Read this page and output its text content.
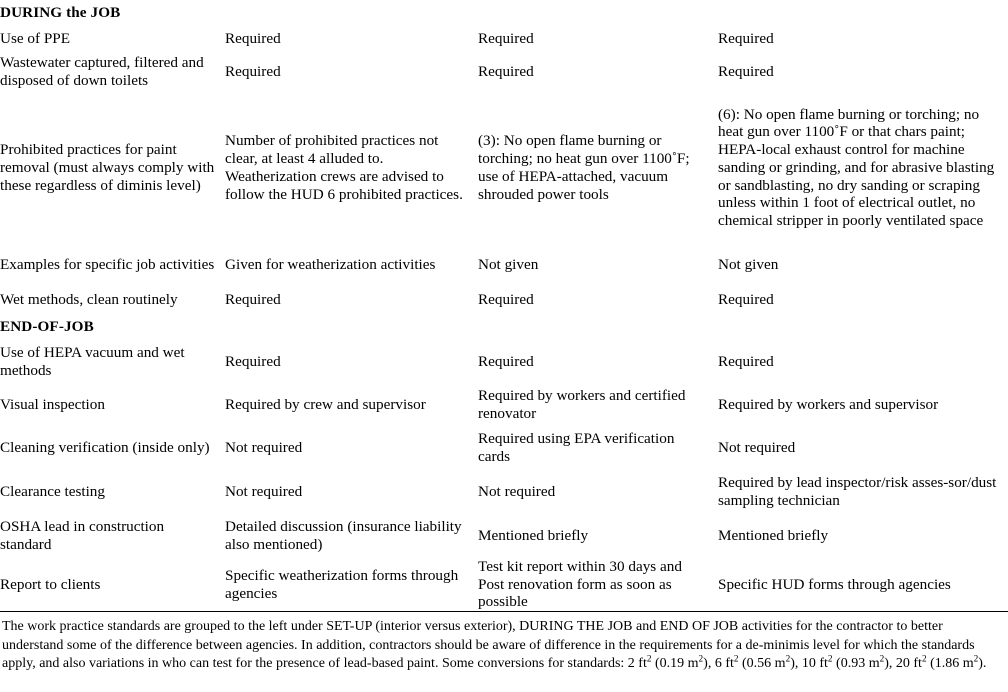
DURING the JOB			
Use of PPE	Required	Required	Required
Wastewater captured, filtered and disposed of down toilets	Required	Required	Required
Prohibited practices for paint removal (must always comply with these regardless of diminis level)	Number of prohibited practices not clear, at least 4 alluded to. Weatherization crews are advised to follow the HUD 6 prohibited practices.	(3): No open flame burning or torching; no heat gun over 1100˚F; use of HEPA-attached, vacuum shrouded power tools	(6): No open flame burning or torching; no heat gun over 1100˚F or that chars paint; HEPA-local exhaust control for machine sanding or grinding, and for abrasive blasting or sandblasting, no dry sanding or scraping unless within 1 foot of electrical outlet, no chemical stripper in poorly ventilated space
Examples for specific job activities	Given for weatherization activities	Not given	Not given
Wet methods, clean routinely	Required	Required	Required
END-OF-JOB			
Use of HEPA vacuum and wet methods	Required	Required	Required
Visual inspection	Required by crew and supervisor	Required by workers and certified renovator	Required by workers and supervisor
Cleaning verification (inside only)	Not required	Required using EPA verification cards	Not required
Clearance testing	Not required	Not required	Required by lead inspector/risk asses-sor/dust sampling technician
OSHA lead in construction standard	Detailed discussion (insurance liability also mentioned)	Mentioned briefly	Mentioned briefly
Report to clients	Specific weatherization forms through agencies	Test kit report within 30 days and Post renovation form as soon as possible	Specific HUD forms through agencies
The work practice standards are grouped to the left under SET-UP (interior versus exterior), DURING THE JOB and END OF JOB activities for the contractor to better understand some of the difference between agencies. In addition, contractors should be aware of difference in the requirements for a de-minimis level for which the standards apply, and also variations in who can test for the presence of lead-based paint. Some conversions for standards: 2 $ft^2$ (0.19 $m^2$), 6 $ft^2$ (0.56 $m^2$), 10 $ft^2$ (0.93 $m^2$), 20 $ft^2$ (1.86 $m^2$).
